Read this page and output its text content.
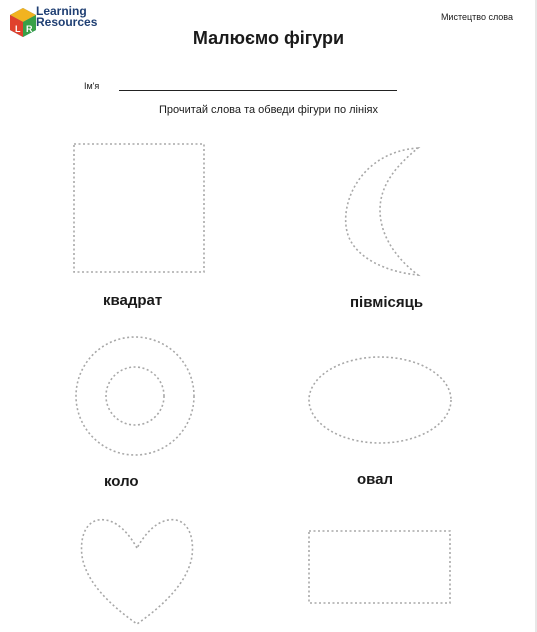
L R
Learning
Resources	Мистецтво слова
Малюємо фігури
Ім'я
Прочитай слова та обведи фігури по лініях
квадрат	півмісяць
коло	овал
